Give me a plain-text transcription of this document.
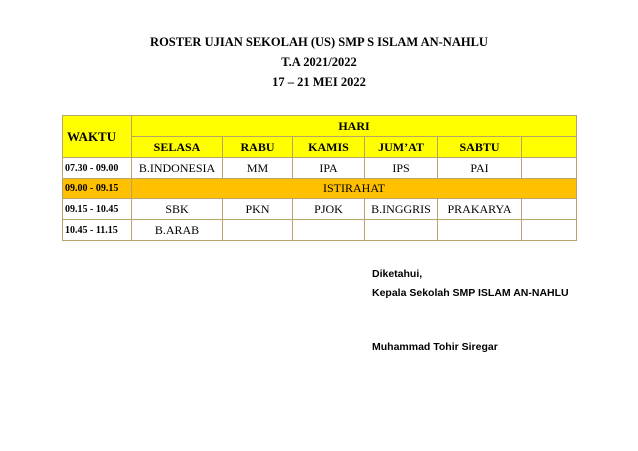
ROSTER UJIAN SEKOLAH (US) SMP S ISLAM AN-NAHLU
T.A 2021/2022
17 – 21 MEI 2022
WAKTU	HARI					
	SELASA	RABU	KAMIS	JUM’AT	SABTU	
07.30 - 09.00	B.INDONESIA	MM	IPA	IPS	PAI	
09.00 - 09.15	ISTIRAHAT					
09.15 - 10.45	SBK	PKN	PJOK	B.INGGRIS	PRAKARYA	
10.45 - 11.15	B.ARAB					
Diketahui,
Kepala Sekolah SMP ISLAM AN-NAHLU
Muhammad Tohir Siregar
